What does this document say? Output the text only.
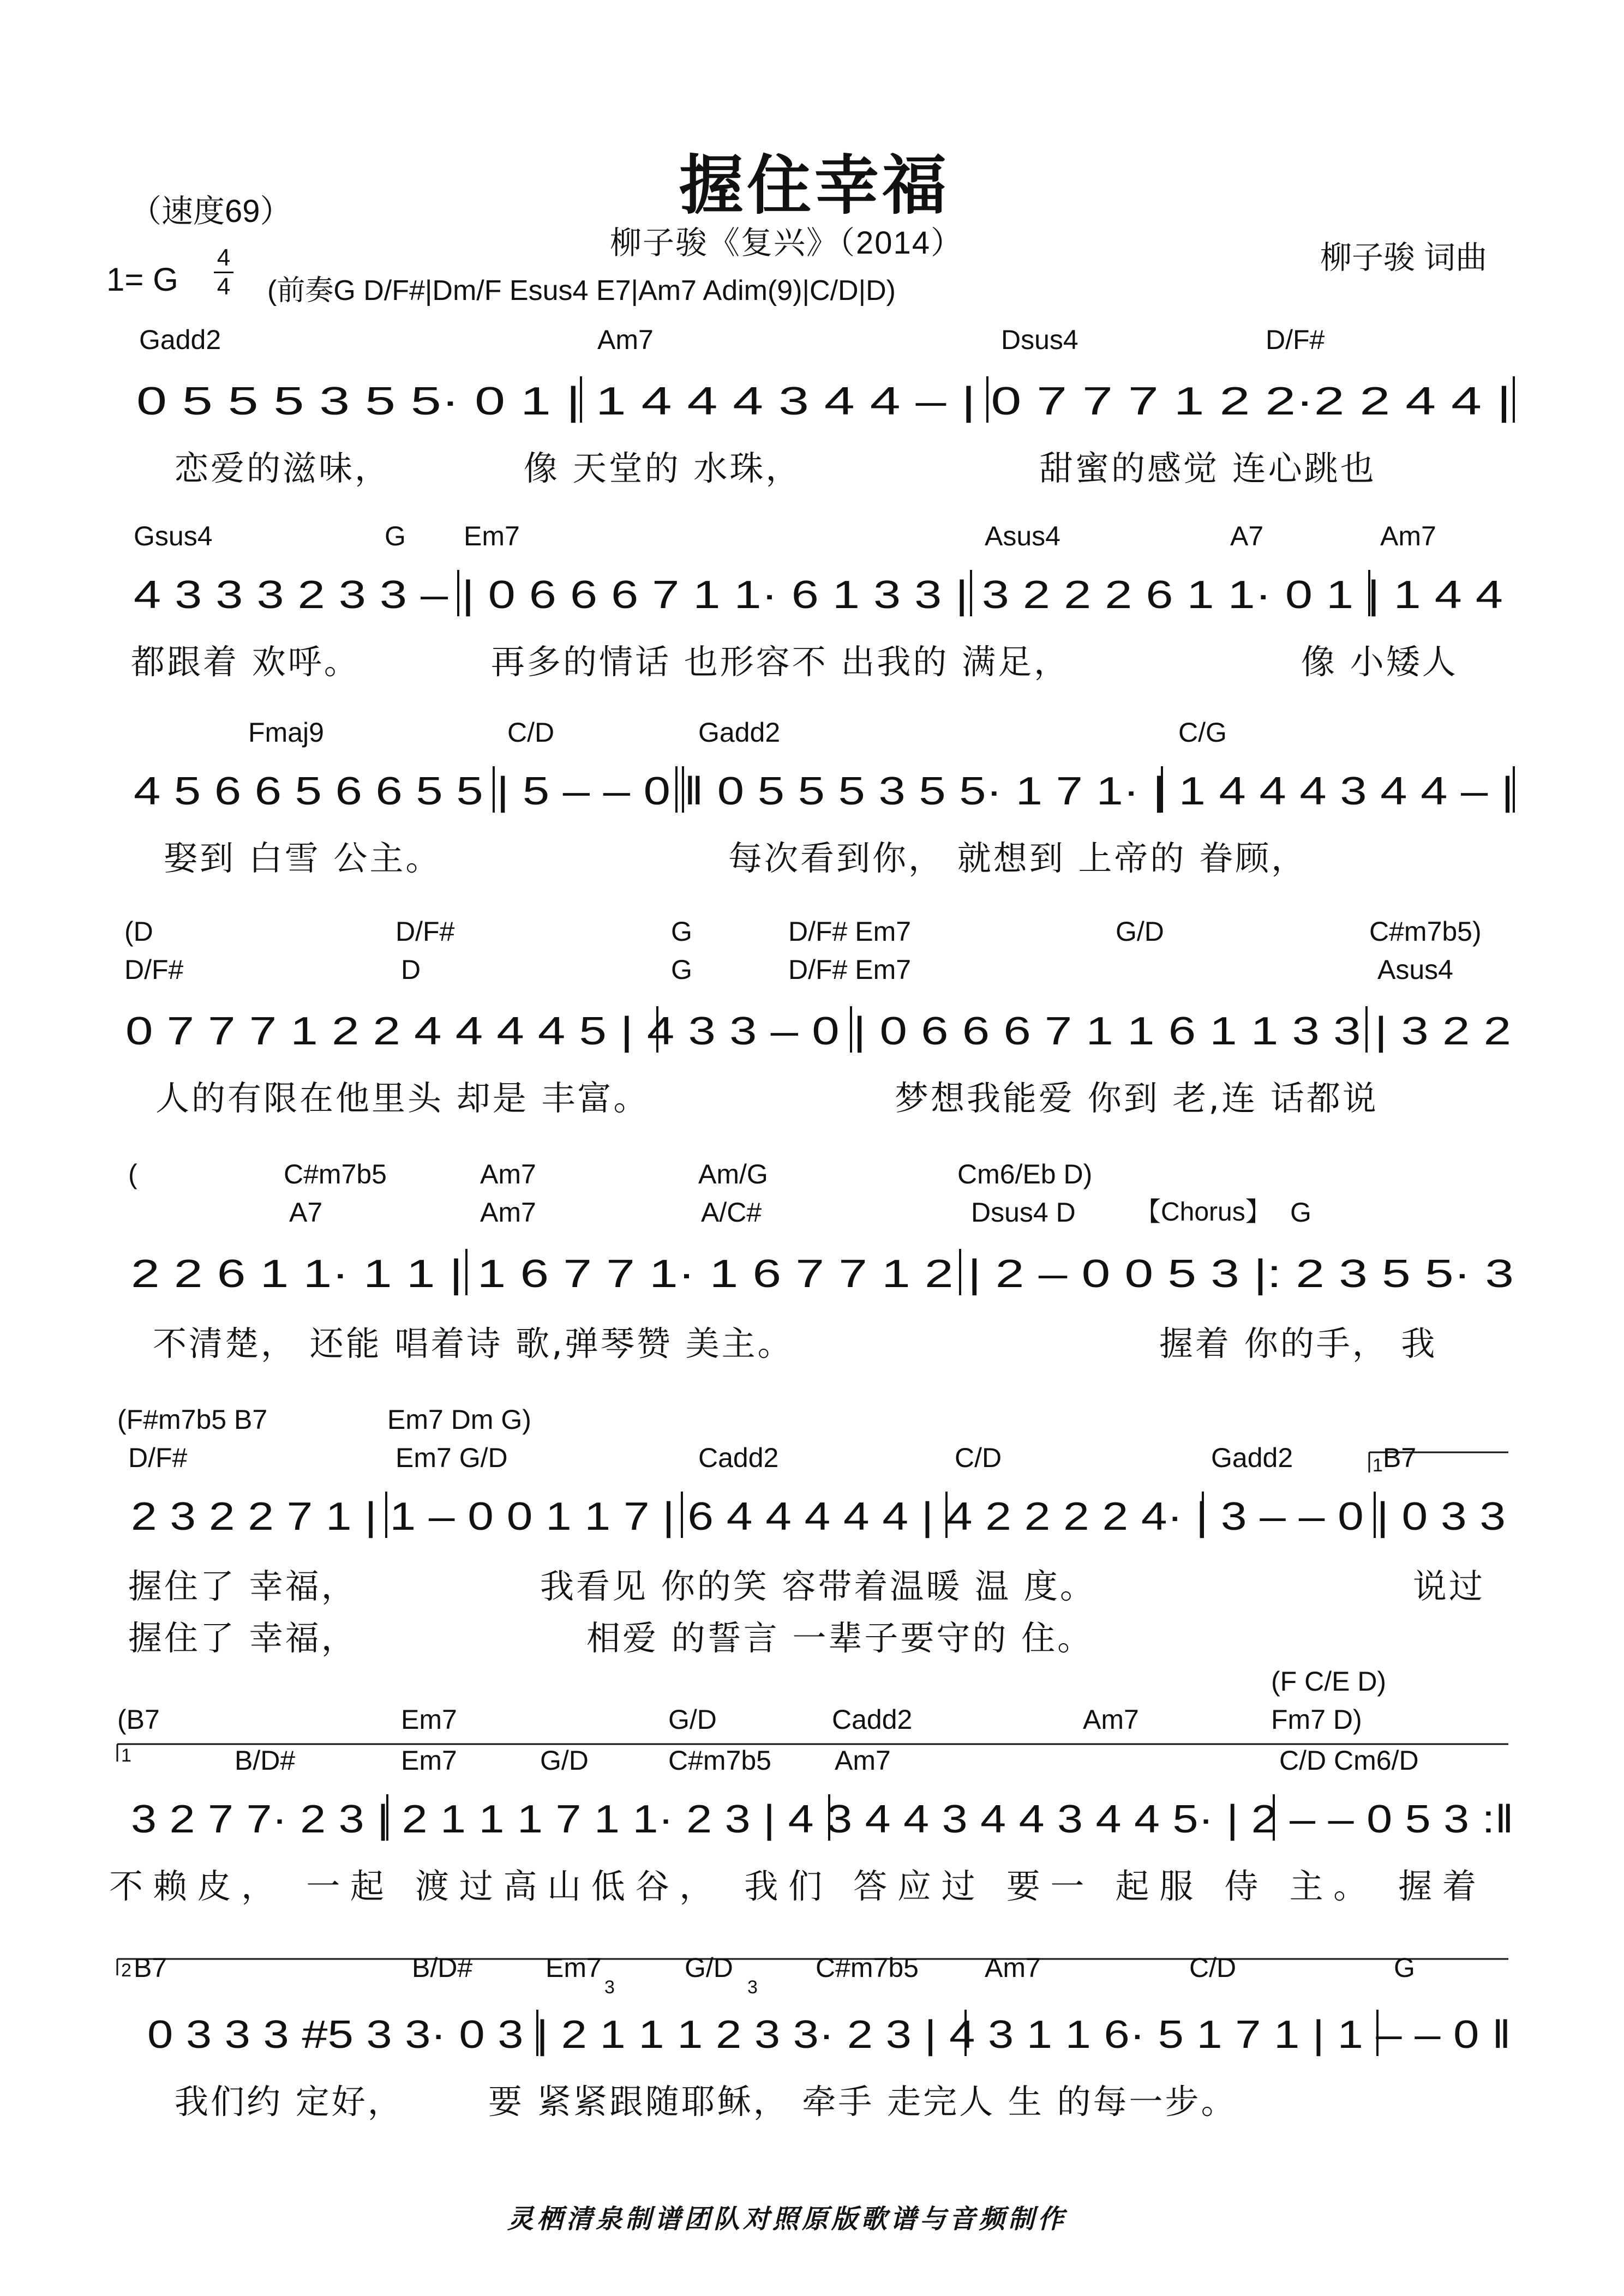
握住幸福
（速度69）
柳子骏《复兴》（2014）	柳子骏 词曲
1= G
4
4 (前奏G D/F#|Dm/F Esus4 E7|Am7 Adim(9)|C/D|D)
Gadd2	Am7	Dsus4	D/F#
0 5 5 5 3 5 5· 0 1 | 1 4 4 4 3 4 4 – | 0 7 7 7 1 2 2·2 2 4 4 |
恋爱的滋味，	像 天堂的 水珠，	甜蜜的感觉 连心跳也
Gsus4	G Em7	Asus4	A7	Am7
4 3 3 3 2 3 3 – | 0 6 6 6 7 1 1· 6 1 3 3 | 3 2 2 2 6 1 1· 0 1 | 1 4 4
都跟着 欢呼。	再多的情话 也形容不 出我的 满足，	像 小矮人
Fmaj9	C/D	Gadd2	C/G
4 5 6 6 5 6 6 5 5 | 5 – – 0 ‖ 0 5 5 5 3 5 5· 1 7 1· | 1 4 4 4 3 4 4 – |
娶到 白雪 公主。	每次看到你， 就想到 上帝的 眷顾，
(D
D/F#
D/F#
D
G
G
D/F# Em7
D/F# Em7
G/D	C#m7b5)
Asus4
0 7 7 7 1 2 2 4 4 4 4 5 | 4 3 3 – 0 | 0 6 6 6 7 1 1 6 1 1 3 3 | 3 2 2
人的有限在他里头 却是 丰富。	梦想我能爱 你到 老,连 话都说
(	C#m7b5
A7
Am7
Am7
Am/G
A/C#
Cm6/Eb D)
Dsus4 D 【Chorus】 G
2 2 6 1 1· 1 1 | 1 6 7 7 1· 1 6 7 7 1 2 | 2 – 0 0 5 3 |: 2 3 5 5· 3
不清楚， 还能 唱着诗 歌,弹琴赞 美主。	握着 你的手， 我
(F#m7b5 B7
D/F#
Em7 Dm G)
Em7 G/D	Cadd2	C/D	Gadd2	1 B7
2 3 2 2 7 1 | 1 – 0 0 1 1 7 | 6 4 4 4 4 4 | 4 2 2 2 2 4· | 3 – – 0 | 0 3 3
握住了 幸福，	我看见 你的笑 容带着温暖 温 度。	说过
握住了 幸福，	相爱 的誓言 一辈子要守的 住。
(F C/E D)
(B7	Em7	G/D	Cadd2	Am7	Fm7 D)
1	B/D#	Em7	G/D	C#m7b5 Am7	C/D Cm6/D
3 2 7 7· 2 3 | 2 1 1 1 7 1 1· 2 3 | 4 3 4 4 3 4 4 3 4 4 5· | 2 – – 0 5 3 :‖
不赖皮， 一起 渡过高山低谷， 我们 答应过 要一 起服 侍 主。 握着
2 B7	B/D#	Em7	G/D	C#m7b5 Am7	C/D	G
3	3
0 3 3 3 #5 3 3· 0 3 | 2 1 1 1 2 3 3· 2 3 | 4 3 1 1 6· 5 1 7 1 | 1 – – 0 ‖
我们约 定好，	要 紧紧跟随耶稣， 牵手 走完人 生 的每一步。
灵栖清泉制谱团队对照原版歌谱与音频制作
